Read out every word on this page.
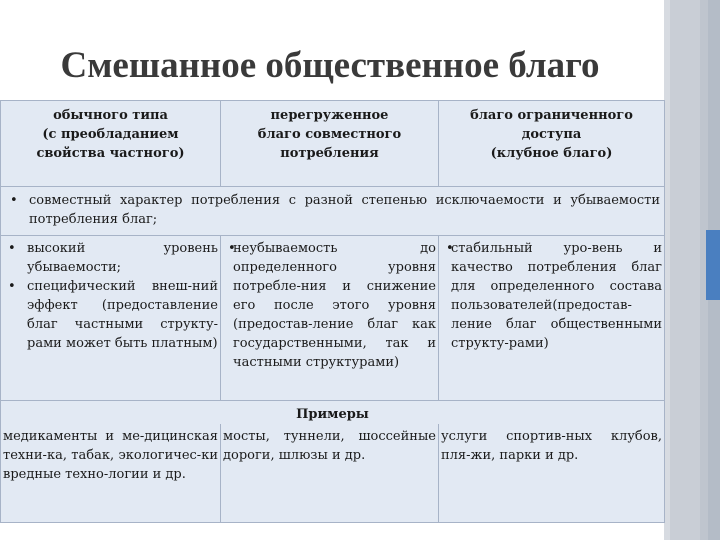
Смешанное общественное благо
обычного типа
(с преобладанием
свойства частного)	перегруженное
благо совместного
потребления	благо ограниченного
доступа
(клубное благо)

• совместный характер потребления с разной степенью исключаемости и убываемости потребления благ;

• высокий уровень убываемости;
• специфический внеш-ний эффект (предоставление благ частными структу-рами может быть платным)	• неубываемость до определенного уровня потребле-ния и снижение его после этого уровня (предостав-ление благ как государственными, так и частными структурами)	• стабильный уро-вень и качество потребления благ для определенного состава пользователей(предостав-ление благ общественными структу-рами)

Примеры		
медикаменты и ме-дицинская техни-ка, табак, экологичес-ки вредные техно-логии и др.	мосты, туннели, шоссейные дороги, шлюзы и др.	услуги спортив-ных клубов, пля-жи, парки и др.
